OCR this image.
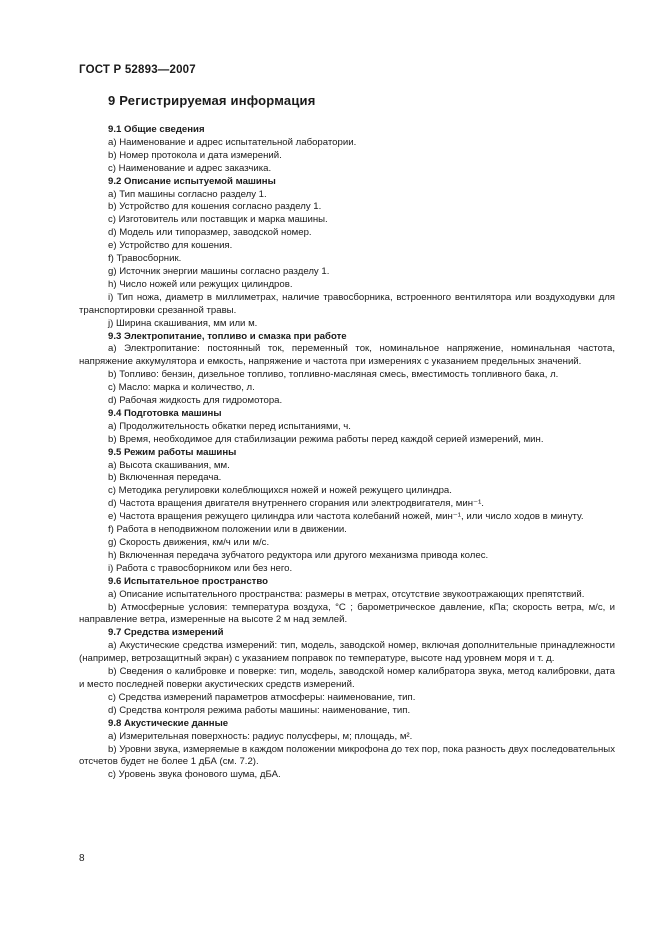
ГОСТ Р 52893—2007
9 Регистрируемая информация

9.1 Общие сведения

a) Наименование и адрес испытательной лаборатории.

b) Номер протокола и дата измерений.

c) Наименование и адрес заказчика.

9.2 Описание испытуемой машины

a) Тип машины согласно разделу 1.

b) Устройство для кошения согласно разделу 1.

c) Изготовитель или поставщик и марка машины.

d) Модель или типоразмер, заводской номер.

e) Устройство для кошения.

f) Травосборник.

g) Источник энергии машины согласно разделу 1.

h) Число ножей или режущих цилиндров.

i) Тип ножа, диаметр в миллиметрах, наличие травосборника, встроенного вентилятора или воздуходувки для транспортировки срезанной травы.

j) Ширина скашивания, мм или м.

9.3 Электропитание, топливо и смазка при работе

a) Электропитание: постоянный ток, переменный ток, номинальное напряжение, номинальная частота, напряжение аккумулятора и емкость, напряжение и частота при измерениях с указанием предельных значений.

b) Топливо: бензин, дизельное топливо, топливно-масляная смесь, вместимость топливного бака, л.

c) Масло: марка и количество, л.

d) Рабочая жидкость для гидромотора.

9.4 Подготовка машины

a) Продолжительность обкатки перед испытаниями, ч.

b) Время, необходимое для стабилизации режима работы перед каждой серией измерений, мин.

9.5 Режим работы машины

a) Высота скашивания, мм.

b) Включенная передача.

c) Методика регулировки колеблющихся ножей и ножей режущего цилиндра.

d) Частота вращения двигателя внутреннего сгорания или электродвигателя, мин⁻¹.

e) Частота вращения режущего цилиндра или частота колебаний ножей, мин⁻¹, или число ходов в минуту.

f) Работа в неподвижном положении или в движении.

g) Скорость движения, км/ч или м/с.

h) Включенная передача зубчатого редуктора или другого механизма привода колес.

i) Работа с травосборником или без него.

9.6 Испытательное пространство

a) Описание испытательного пространства: размеры в метрах, отсутствие звукоотражающих препятствий.

b) Атмосферные условия: температура воздуха, °С ; барометрическое давление, кПа; скорость ветра, м/с, и направление ветра, измеренные на высоте 2 м над землей.

9.7 Средства измерений

a) Акустические средства измерений: тип, модель, заводской номер, включая дополнительные принадлежности (например, ветрозащитный экран) с указанием поправок по температуре, высоте над уровнем моря и т. д.

b) Сведения о калибровке и поверке: тип, модель, заводской номер калибратора звука, метод калибровки, дата и место последней поверки акустических средств измерений.

c) Средства измерений параметров атмосферы: наименование, тип.

d) Средства контроля режима работы машины: наименование, тип.

9.8 Акустические данные

a) Измерительная поверхность: радиус полусферы, м; площадь, м².

b) Уровни звука, измеряемые в каждом положении микрофона до тех пор, пока разность двух последовательных отсчетов будет не более 1 дБА (см. 7.2).

c) Уровень звука фонового шума, дБА.

8
